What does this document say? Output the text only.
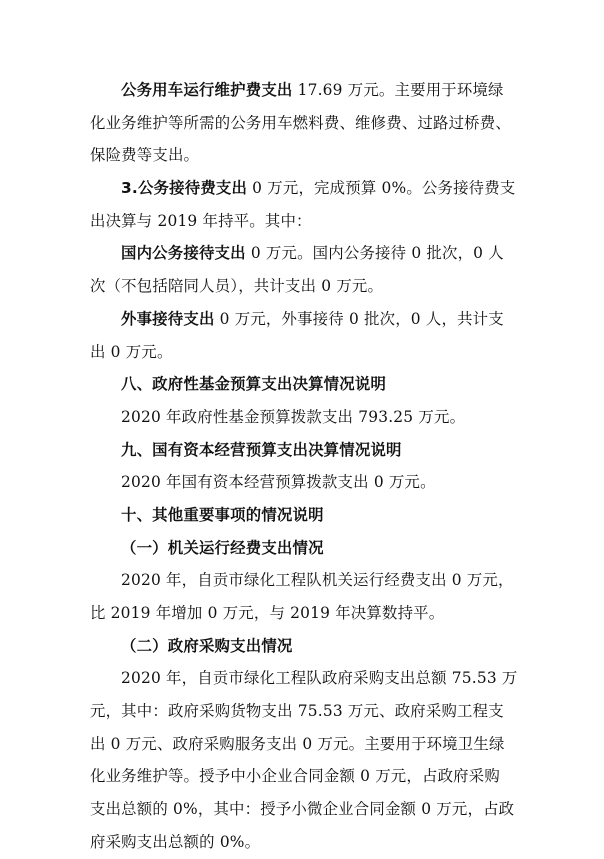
公务用车运行维护费支出 17.69 万元。主要用于环境绿
化业务维护等所需的公务用车燃料费、维修费、过路过桥费、
保险费等支出。
3.公务接待费支出 0 万元，完成预算 0%。公务接待费支
出决算与 2019 年持平。其中：
国内公务接待支出 0 万元。国内公务接待 0 批次，0 人
次（不包括陪同人员），共计支出 0 万元。
外事接待支出 0 万元，外事接待 0 批次，0 人，共计支
出 0 万元。
八、政府性基金预算支出决算情况说明
2020 年政府性基金预算拨款支出 793.25 万元。
九、国有资本经营预算支出决算情况说明
2020 年国有资本经营预算拨款支出 0 万元。
十、其他重要事项的情况说明
（一）机关运行经费支出情况
2020 年，自贡市绿化工程队机关运行经费支出 0 万元，
比 2019 年增加 0 万元，与 2019 年决算数持平。
（二）政府采购支出情况
2020 年，自贡市绿化工程队政府采购支出总额 75.53 万
元，其中：政府采购货物支出 75.53 万元、政府采购工程支
出 0 万元、政府采购服务支出 0 万元。主要用于环境卫生绿
化业务维护等。授予中小企业合同金额 0 万元，占政府采购
支出总额的 0%，其中：授予小微企业合同金额 0 万元，占政
府采购支出总额的 0%。
